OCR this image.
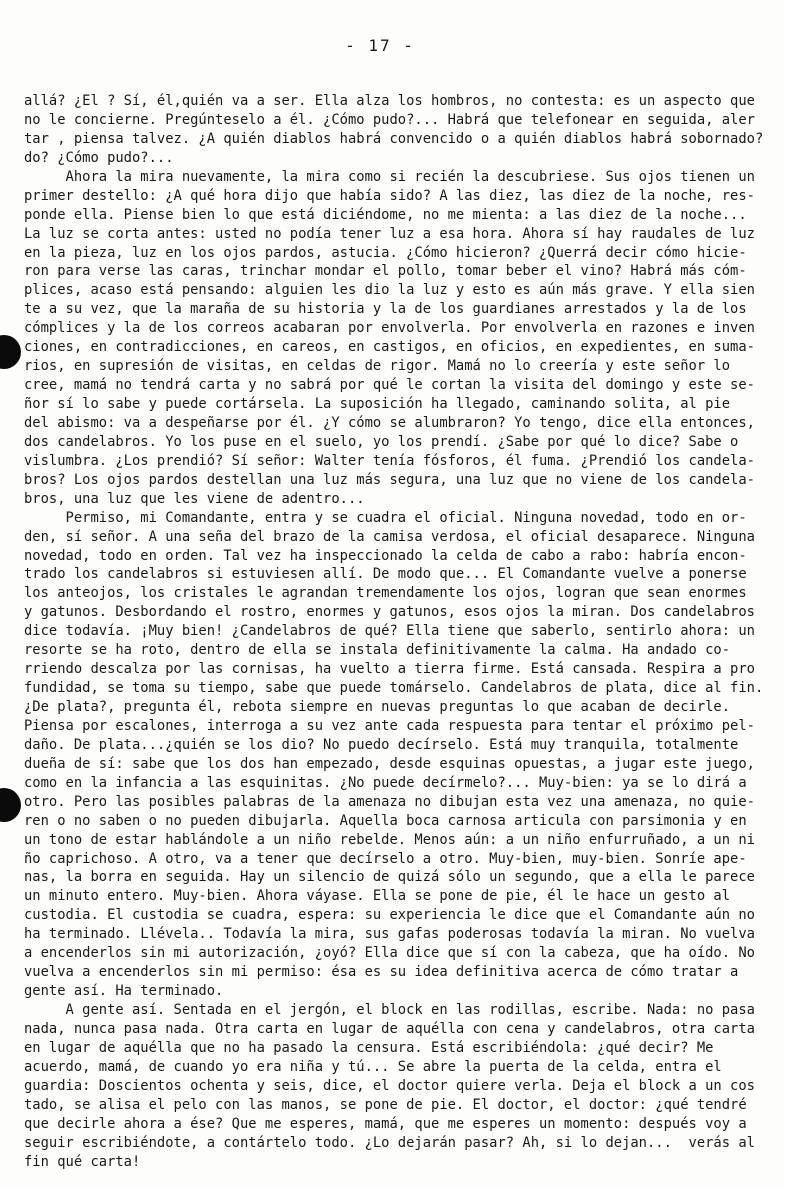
- 17 -
allá? ¿El ? Sí, él,quién va a ser. Ella alza los hombros, no contesta: es un aspecto que
no le concierne. Pregúnteselo a él. ¿Cómo pudo?... Habrá que telefonear en seguida, aler
tar , piensa talvez. ¿A quién diablos habrá convencido o a quién diablos habrá sobornado?
do? ¿Cómo pudo?...
Ahora la mira nuevamente, la mira como si recién la descubriese. Sus ojos tienen un
primer destello: ¿A qué hora dijo que había sido? A las diez, las diez de la noche, res-
ponde ella. Piense bien lo que está diciéndome, no me mienta: a las diez de la noche...
La luz se corta antes: usted no podía tener luz a esa hora. Ahora sí hay raudales de luz
en la pieza, luz en los ojos pardos, astucia. ¿Cómo hicieron? ¿Querrá decir cómo hicie-
ron para verse las caras, trinchar mondar el pollo, tomar beber el vino? Habrá más cóm-
plices, acaso está pensando: alguien les dio la luz y esto es aún más grave. Y ella sien
te a su vez, que la maraña de su historia y la de los guardianes arrestados y la de los
cómplices y la de los correos acabaran por envolverla. Por envolverla en razones e inven
ciones, en contradicciones, en careos, en castigos, en oficios, en expedientes, en suma-
rios, en supresión de visitas, en celdas de rigor. Mamá no lo creería y este señor lo
cree, mamá no tendrá carta y no sabrá por qué le cortan la visita del domingo y este se-
ñor sí lo sabe y puede cortársela. La suposición ha llegado, caminando solita, al pie
del abismo: va a despeñarse por él. ¿Y cómo se alumbraron? Yo tengo, dice ella entonces,
dos candelabros. Yo los puse en el suelo, yo los prendí. ¿Sabe por qué lo dice? Sabe o
vislumbra. ¿Los prendió? Sí señor: Walter tenía fósforos, él fuma. ¿Prendió los candela-
bros? Los ojos pardos destellan una luz más segura, una luz que no viene de los candela-
bros, una luz que les viene de adentro...
Permiso, mi Comandante, entra y se cuadra el oficial. Ninguna novedad, todo en or-
den, sí señor. A una seña del brazo de la camisa verdosa, el oficial desaparece. Ninguna
novedad, todo en orden. Tal vez ha inspeccionado la celda de cabo a rabo: habría encon-
trado los candelabros si estuviesen allí. De modo que... El Comandante vuelve a ponerse
los anteojos, los cristales le agrandan tremendamente los ojos, logran que sean enormes
y gatunos. Desbordando el rostro, enormes y gatunos, esos ojos la miran. Dos candelabros
dice todavía. ¡Muy bien! ¿Candelabros de qué? Ella tiene que saberlo, sentirlo ahora: un
resorte se ha roto, dentro de ella se instala definitivamente la calma. Ha andado co-
rriendo descalza por las cornisas, ha vuelto a tierra firme. Está cansada. Respira a pro
fundidad, se toma su tiempo, sabe que puede tomárselo. Candelabros de plata, dice al fin.
¿De plata?, pregunta él, rebota siempre en nuevas preguntas lo que acaban de decirle.
Piensa por escalones, interroga a su vez ante cada respuesta para tentar el próximo pel-
daño. De plata...¿quién se los dio? No puedo decírselo. Está muy tranquila, totalmente
dueña de sí: sabe que los dos han empezado, desde esquinas opuestas, a jugar este juego,
como en la infancia a las esquinitas. ¿No puede decírmelo?... Muy-bien: ya se lo dirá a
otro. Pero las posibles palabras de la amenaza no dibujan esta vez una amenaza, no quie-
ren o no saben o no pueden dibujarla. Aquella boca carnosa articula con parsimonia y en
un tono de estar hablándole a un niño rebelde. Menos aún: a un niño enfurruñado, a un ni
ño caprichoso. A otro, va a tener que decírselo a otro. Muy-bien, muy-bien. Sonríe ape-
nas, la borra en seguida. Hay un silencio de quizá sólo un segundo, que a ella le parece
un minuto entero. Muy-bien. Ahora váyase. Ella se pone de pie, él le hace un gesto al
custodia. El custodia se cuadra, espera: su experiencia le dice que el Comandante aún no
ha terminado. Llévela.. Todavía la mira, sus gafas poderosas todavía la miran. No vuelva
a encenderlos sin mi autorización, ¿oyó? Ella dice que sí con la cabeza, que ha oído. No
vuelva a encenderlos sin mi permiso: ésa es su idea definitiva acerca de cómo tratar a
gente así. Ha terminado.
A gente así. Sentada en el jergón, el block en las rodillas, escribe. Nada: no pasa
nada, nunca pasa nada. Otra carta en lugar de aquélla con cena y candelabros, otra carta
en lugar de aquélla que no ha pasado la censura. Está escribiéndola: ¿qué decir? Me
acuerdo, mamá, de cuando yo era niña y tú... Se abre la puerta de la celda, entra el
guardia: Doscientos ochenta y seis, dice, el doctor quiere verla. Deja el block a un cos
tado, se alisa el pelo con las manos, se pone de pie. El doctor, el doctor: ¿qué tendré
que decirle ahora a ése? Que me esperes, mamá, que me esperes un momento: después voy a
seguir escribiéndote, a contártelo todo. ¿Lo dejarán pasar? Ah, si lo dejan...  verás al
fin qué carta!
